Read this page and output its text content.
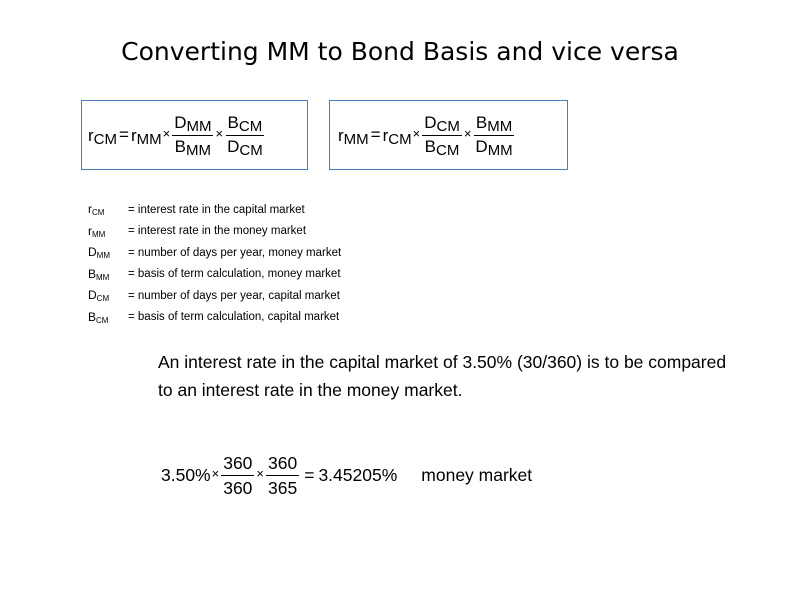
Converting MM to Bond Basis and vice versa
$r_{CM} = r_{MM} \times \frac{D_{MM}}{B_{MM}} \times \frac{B_{CM}}{D_{CM}}$	$r_{MM} = r_{CM} \times \frac{D_{CM}}{B_{CM}} \times \frac{B_{MM}}{D_{MM}}$
$r_{CM}$	= interest rate in the capital market
$r_{MM}$	= interest rate in the money market
$D_{MM}$	= number of days per year, money market
$B_{MM}$	= basis of term calculation, money market
$D_{CM}$	= number of days per year, capital market
$B_{CM}$	= basis of term calculation, capital market

An interest rate in the capital market of 3.50% (30/360) is to be compared to an interest rate in the money market.

$3.50\% \times \frac{360}{360} \times \frac{360}{365} = 3.45205\%$	money market
